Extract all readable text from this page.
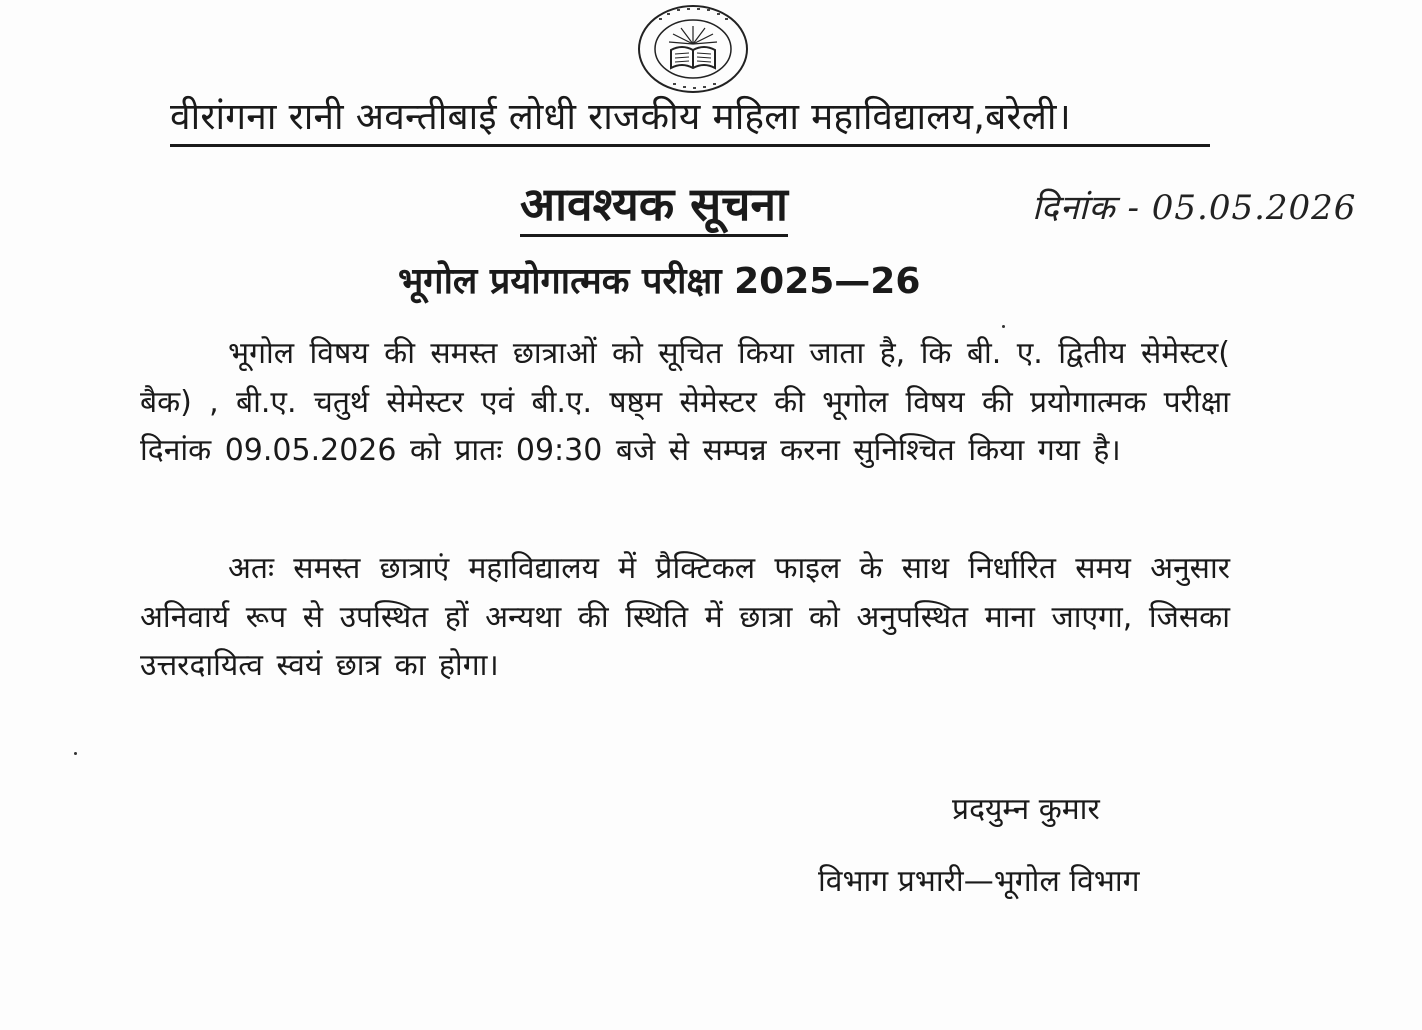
वीरांगना रानी अवन्तीबाई लोधी राजकीय महिला महाविद्यालय,बरेली।
आवश्यक सूचना	दिनांक - 05.05.2026
भूगोल प्रयोगात्मक परीक्षा 2025—26
भूगोल विषय की समस्त छात्राओं को सूचित किया जाता है, कि बी. ए. द्वितीय सेमेस्टर( बैक) , बी.ए. चतुर्थ सेमेस्टर एवं बी.ए. षष्ठ्म सेमेस्टर की भूगोल विषय की प्रयोगात्मक परीक्षा दिनांक 09.05.2026 को प्रातः 09:30 बजे से सम्पन्न करना सुनिश्चित किया गया है।
अतः समस्त छात्राएं महाविद्यालय में प्रैक्टिकल फाइल के साथ निर्धारित समय अनुसार अनिवार्य रूप से उपस्थित हों अन्यथा की स्थिति में छात्रा को अनुपस्थित माना जाएगा, जिसका उत्तरदायित्व स्वयं छात्र का होगा।
प्रदयुम्न कुमार
विभाग प्रभारी—भूगोल विभाग
